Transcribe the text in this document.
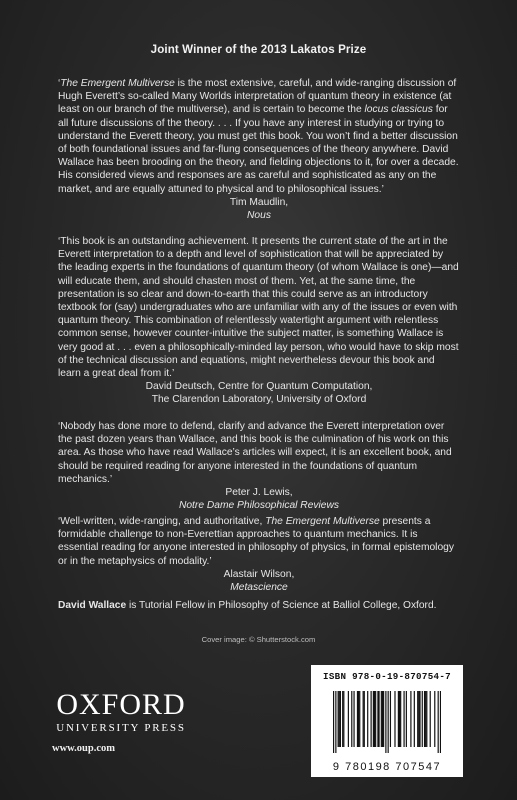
Joint Winner of the 2013 Lakatos Prize

‘The Emergent Multiverse is the most extensive, careful, and wide-ranging discussion of Hugh Everett’s so-called Many Worlds interpretation of quantum theory in existence (at least on our branch of the multiverse), and is certain to become the locus classicus for all future discussions of the theory. . . . If you have any interest in studying or trying to understand the Everett theory, you must get this book. You won’t find a better discussion of both foundational issues and far-flung consequences of the theory anywhere. David Wallace has been brooding on the theory, and fielding objections to it, for over a decade. His considered views and responses are as careful and sophisticated as any on the market, and are equally attuned to physical and to philosophical issues.’

Tim Maudlin,
Nous

‘This book is an outstanding achievement. It presents the current state of the art in the Everett interpretation to a depth and level of sophistication that will be appreciated by the leading experts in the foundations of quantum theory (of whom Wallace is one)—and will educate them, and should chasten most of them. Yet, at the same time, the presentation is so clear and down-to-earth that this could serve as an introductory textbook for (say) undergraduates who are unfamiliar with any of the issues or even with quantum theory. This combination of relentlessly watertight argument with relentless common sense, however counter-intuitive the subject matter, is something Wallace is very good at . . . even a philosophically-minded lay person, who would have to skip most of the technical discussion and equations, might nevertheless devour this book and learn a great deal from it.’

David Deutsch, Centre for Quantum Computation,
The Clarendon Laboratory, University of Oxford

‘Nobody has done more to defend, clarify and advance the Everett interpretation over the past dozen years than Wallace, and this book is the culmination of his work on this area. As those who have read Wallace’s articles will expect, it is an excellent book, and should be required reading for anyone interested in the foundations of quantum mechanics.’

Peter J. Lewis,
Notre Dame Philosophical Reviews

‘Well-written, wide-ranging, and authoritative, The Emergent Multiverse presents a formidable challenge to non-Everettian approaches to quantum mechanics. It is essential reading for anyone interested in philosophy of physics, in formal epistemology or in the metaphysics of modality.’

Alastair Wilson,
Metascience
David Wallace is Tutorial Fellow in Philosophy of Science at Balliol College, Oxford.
Cover image: © Shutterstock.com
OXFORD
UNIVERSITY PRESS
www.oup.com
ISBN 978-0-19-870754-7
9 780198 707547
